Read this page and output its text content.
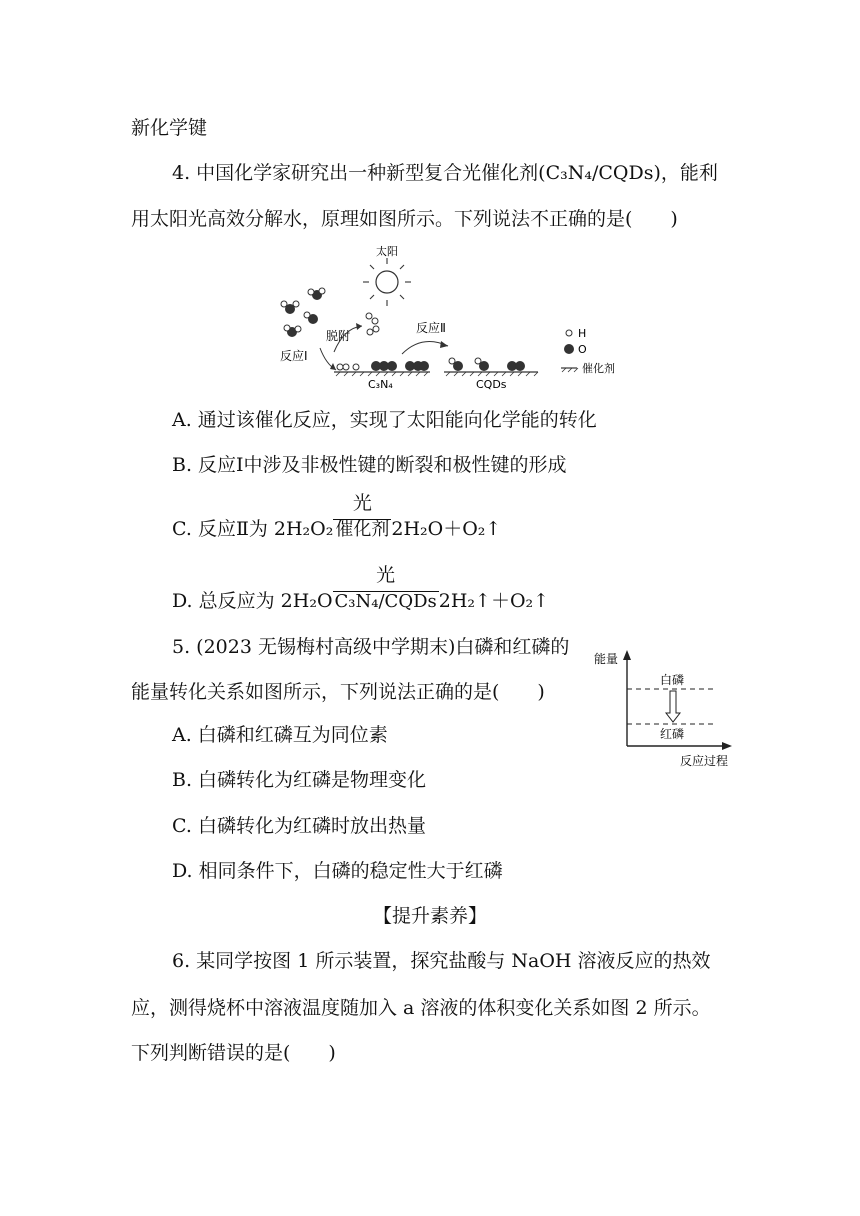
新化学键
4. 中国化学家研究出一种新型复合光催化剂(C₃N₄/CQDs)，能利
用太阳光高效分解水，原理如图所示。下列说法不正确的是(　　)
太阳
脱附
反应Ⅰ
反应Ⅱ
C₃N₄	CQDs
H
O
催化剂
A. 通过该催化反应，实现了太阳能向化学能的转化
B. 反应Ⅰ中涉及非极性键的断裂和极性键的形成
C. 反应Ⅱ为 $2H_2O_2 \frac{\text{光}}{\text{催化剂}}2H_2O+O_2↑$
D. 总反应为 $2H_2O \frac{\text{光}}{\text{C₃N₄/CQDs}}2H_2↑+O_2↑$
5. (2023 无锡梅村高级中学期末)白磷和红磷的
能量转化关系如图所示，下列说法正确的是(　　)
能量
反应过程
白磷
红磷
A. 白磷和红磷互为同位素
B. 白磷转化为红磷是物理变化
C. 白磷转化为红磷时放出热量
D. 相同条件下，白磷的稳定性大于红磷
【提升素养】
6. 某同学按图 1 所示装置，探究盐酸与 NaOH 溶液反应的热效
应，测得烧杯中溶液温度随加入 a 溶液的体积变化关系如图 2 所示。
下列判断错误的是(　　)
